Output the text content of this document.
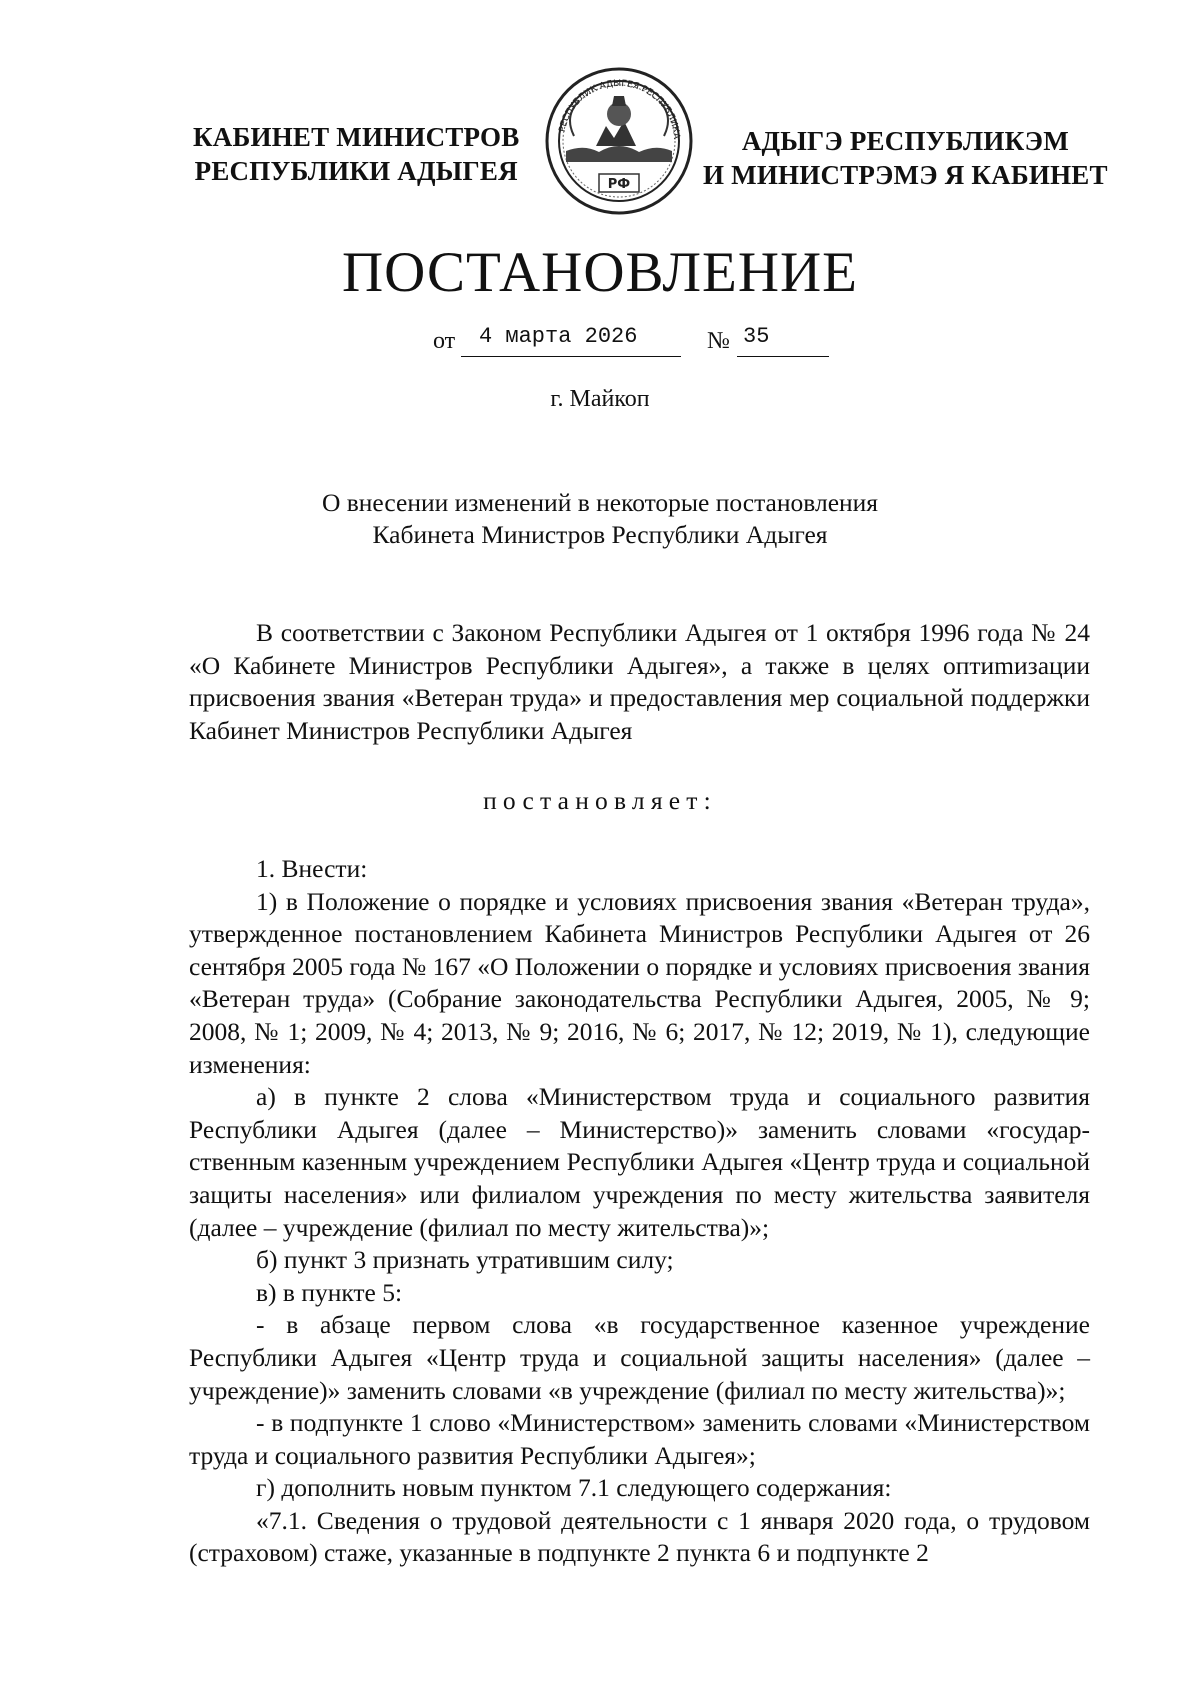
КАБИНЕТ МИНИСТРОВ
РЕСПУБЛИКИ АДЫГЕЯ	РФ
РЕСПУБЛИК АДЫГЕЯ РЕСПУБЛИКА	АДЫГЭ РЕСПУБЛИКЭМ
И МИНИСТРЭМЭ Я КАБИНЕТ
ПОСТАНОВЛЕНИЕ
от 4 марта 2026	№ 35
г. Майкоп
О внесении изменений в некоторые постановления
Кабинета Министров Республики Адыгея

В соответствии с Законом Республики Адыгея от 1 октября 1996 года № 24 «О Кабинете Министров Республики Адыгея», а также в целях оптиmизации присвоения звания «Ветеран труда» и предоставления мер социальной поддержки Кабинет Министров Республики Адыгея

постановляет:

1. Внести:

1) в Положение о порядке и условиях присвоения звания «Ветеран труда», утвержденное постановлением Кабинета Министров Республики Адыгея от 26 сентября 2005 года № 167 «О Положении о порядке и условиях присвоения звания «Ветеран труда» (Собрание законодательства Республики Адыгея, 2005, № 9; 2008, № 1; 2009, № 4; 2013, № 9; 2016, № 6; 2017, № 12; 2019, № 1), следующие изменения:

а) в пункте 2 слова «Министерством труда и социального развития Республики Адыгея (далее – Министерство)» заменить словами «государственным казенным учреждением Республики Адыгея «Центр труда и социальной защиты населения» или филиалом учреждения по месту жительства заявителя (далее – учреждение (филиал по месту жительства)»;

б) пункт 3 признать утратившим силу;

в) в пункте 5:

- в абзаце первом слова «в государственное казенное учреждение Республики Адыгея «Центр труда и социальной защиты населения» (далее – учреждение)» заменить словами «в учреждение (филиал по месту жительства)»;

- в подпункте 1 слово «Министерством» заменить словами «Министерством труда и социального развития Республики Адыгея»;

г) дополнить новым пунктом 7.1 следующего содержания:

«7.1. Сведения о трудовой деятельности с 1 января 2020 года, о трудовом (страховом) стаже, указанные в подпункте 2 пункта 6 и подпункте 2
